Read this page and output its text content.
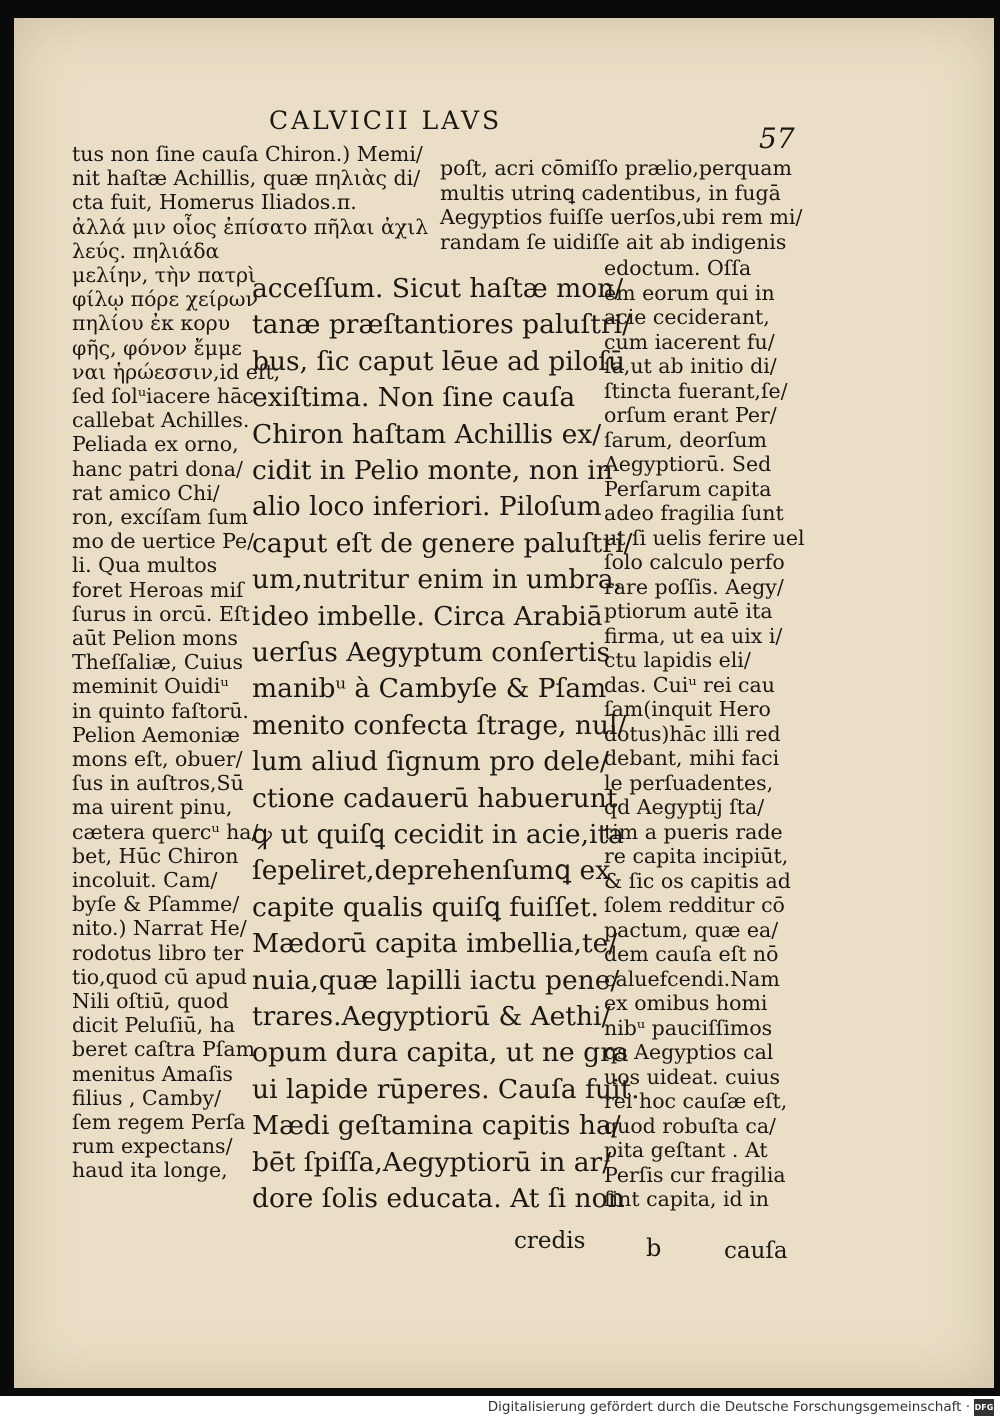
CALVICII LAVS
57
tus non ſine cauſa Chiron.) Memi/
nit haſtæ Achillis, quæ πηλιὰς di/
cta fuit, Homerus Iliados.π.
ἀλλά μιν οἶος ἐπίσατο πῆλαι ἀχιλ
λεύς. πηλιάδα
μελίην, τὴν πατρὶ
φίλῳ πόρε χείρων
πηλίου ἐκ κορυ
φῆς, φόνον ἔμμε
ναι ἡρώεσσιν,id eſt,
ſed ſolᵘiacere hāc
callebat Achilles.
Peliada ex orno,
hanc patri dona/
rat amico Chi/
ron, excíſam ſum
mo de uertice Pe/
li. Qua multos
foret Heroas miſ
ſurus in orcū. Eſt
aūt Pelion mons
Theſſaliæ, Cuius
meminit Ouidiᵘ
in quinto faſtorū.
Pelion Aemoniæ
mons eſt, obuer/
ſus in auſtros,Sū
ma uirent pinu,
cætera quercᵘ ha/
bet, Hūc Chiron
incoluit. Cam/
byſe & Pſamme/
nito.) Narrat He/
rodotus libro ter
tio,quod cū apud
Nili oſtiū, quod
dicit Peluſiū, ha
beret caſtra Pſam
menitus Amaſis
filius , Camby/
ſem regem Perſa
rum expectans/
haud ita longe,
acceſſum. Sicut haſtæ mon/
tanæ præſtantiores paluſtri/
bus, ſic caput lēue ad piloſū
exiſtima. Non ſine cauſa
Chiron haſtam Achillis ex/
cidit in Pelio monte, non in
alio loco inferiori. Piloſum
caput eſt de genere paluſtri/
um,nutritur enim in umbra,
ideo imbelle. Circa Arabiā
uerſus Aegyptum conſertis
manibᵘ à Cambyſe & Pſam
menito confecta ſtrage, nul/
lum aliud ſignum pro dele/
ctione cadauerū habuerunt
ꝙ ut quiſꝗ cecidit in acie,ita
ſepeliret,deprehenſumꝗ ex
capite qualis quiſꝗ fuiſſet.
Mædorū capita imbellia,te/
nuia,quæ lapilli iactu pene/
trares.Aegyptiorū & Aethi/
opum dura capita, ut ne gra
ui lapide rūperes. Cauſa fuit.
Mædi geſtamina capitis ha/
bēt ſpiſſa,Aegyptiorū in ar/
dore ſolis educata. At ſi non
poſt, acri cōmiſſo prælio,perquam
multis utrinꝗ cadentibus, in fugā
Aegyptios fuiſſe uerſos,ubi rem mi/
randam ſe uidiſſe ait ab indigenis
edoctum. Oſſa
ēm eorum qui in
acie ceciderant,
cum iacerent fu/
ſa,ut ab initio di/
ſtincta fuerant,ſe/
orſum erant Per/
ſarum, deorſum
Aegyptiorū. Sed
Perſarum capita
adeo fragilia ſunt
ut ſi uelis ferire uel
ſolo calculo perfo
rare poſſis. Aegy/
ptiorum autē ita
firma, ut ea uix i/
ctu lapidis eli/
das. Cuiᵘ rei cau
ſam(inquit Hero
dotus)hāc illi red
debant, mihi faci
le perſuadentes,
qd Aegyptij ſta/
tim a pueris rade
re capita incipiūt,
& ſic os capitis ad
ſolem redditur cō
pactum, quæ ea/
dem cauſa eſt nō
caluefcendi.Nam
ex omibus homi
nibᵘ pauciſſimos
qs Aegyptios cal
uos uideat. cuius
rei hoc cauſæ eſt,
quod robuſta ca/
pita geſtant . At
Perſis cur fragilia
ſint capita, id in
b
credis	cauſa
Digitalisierung gefördert durch die Deutsche Forschungsgemeinschaft · DFG
